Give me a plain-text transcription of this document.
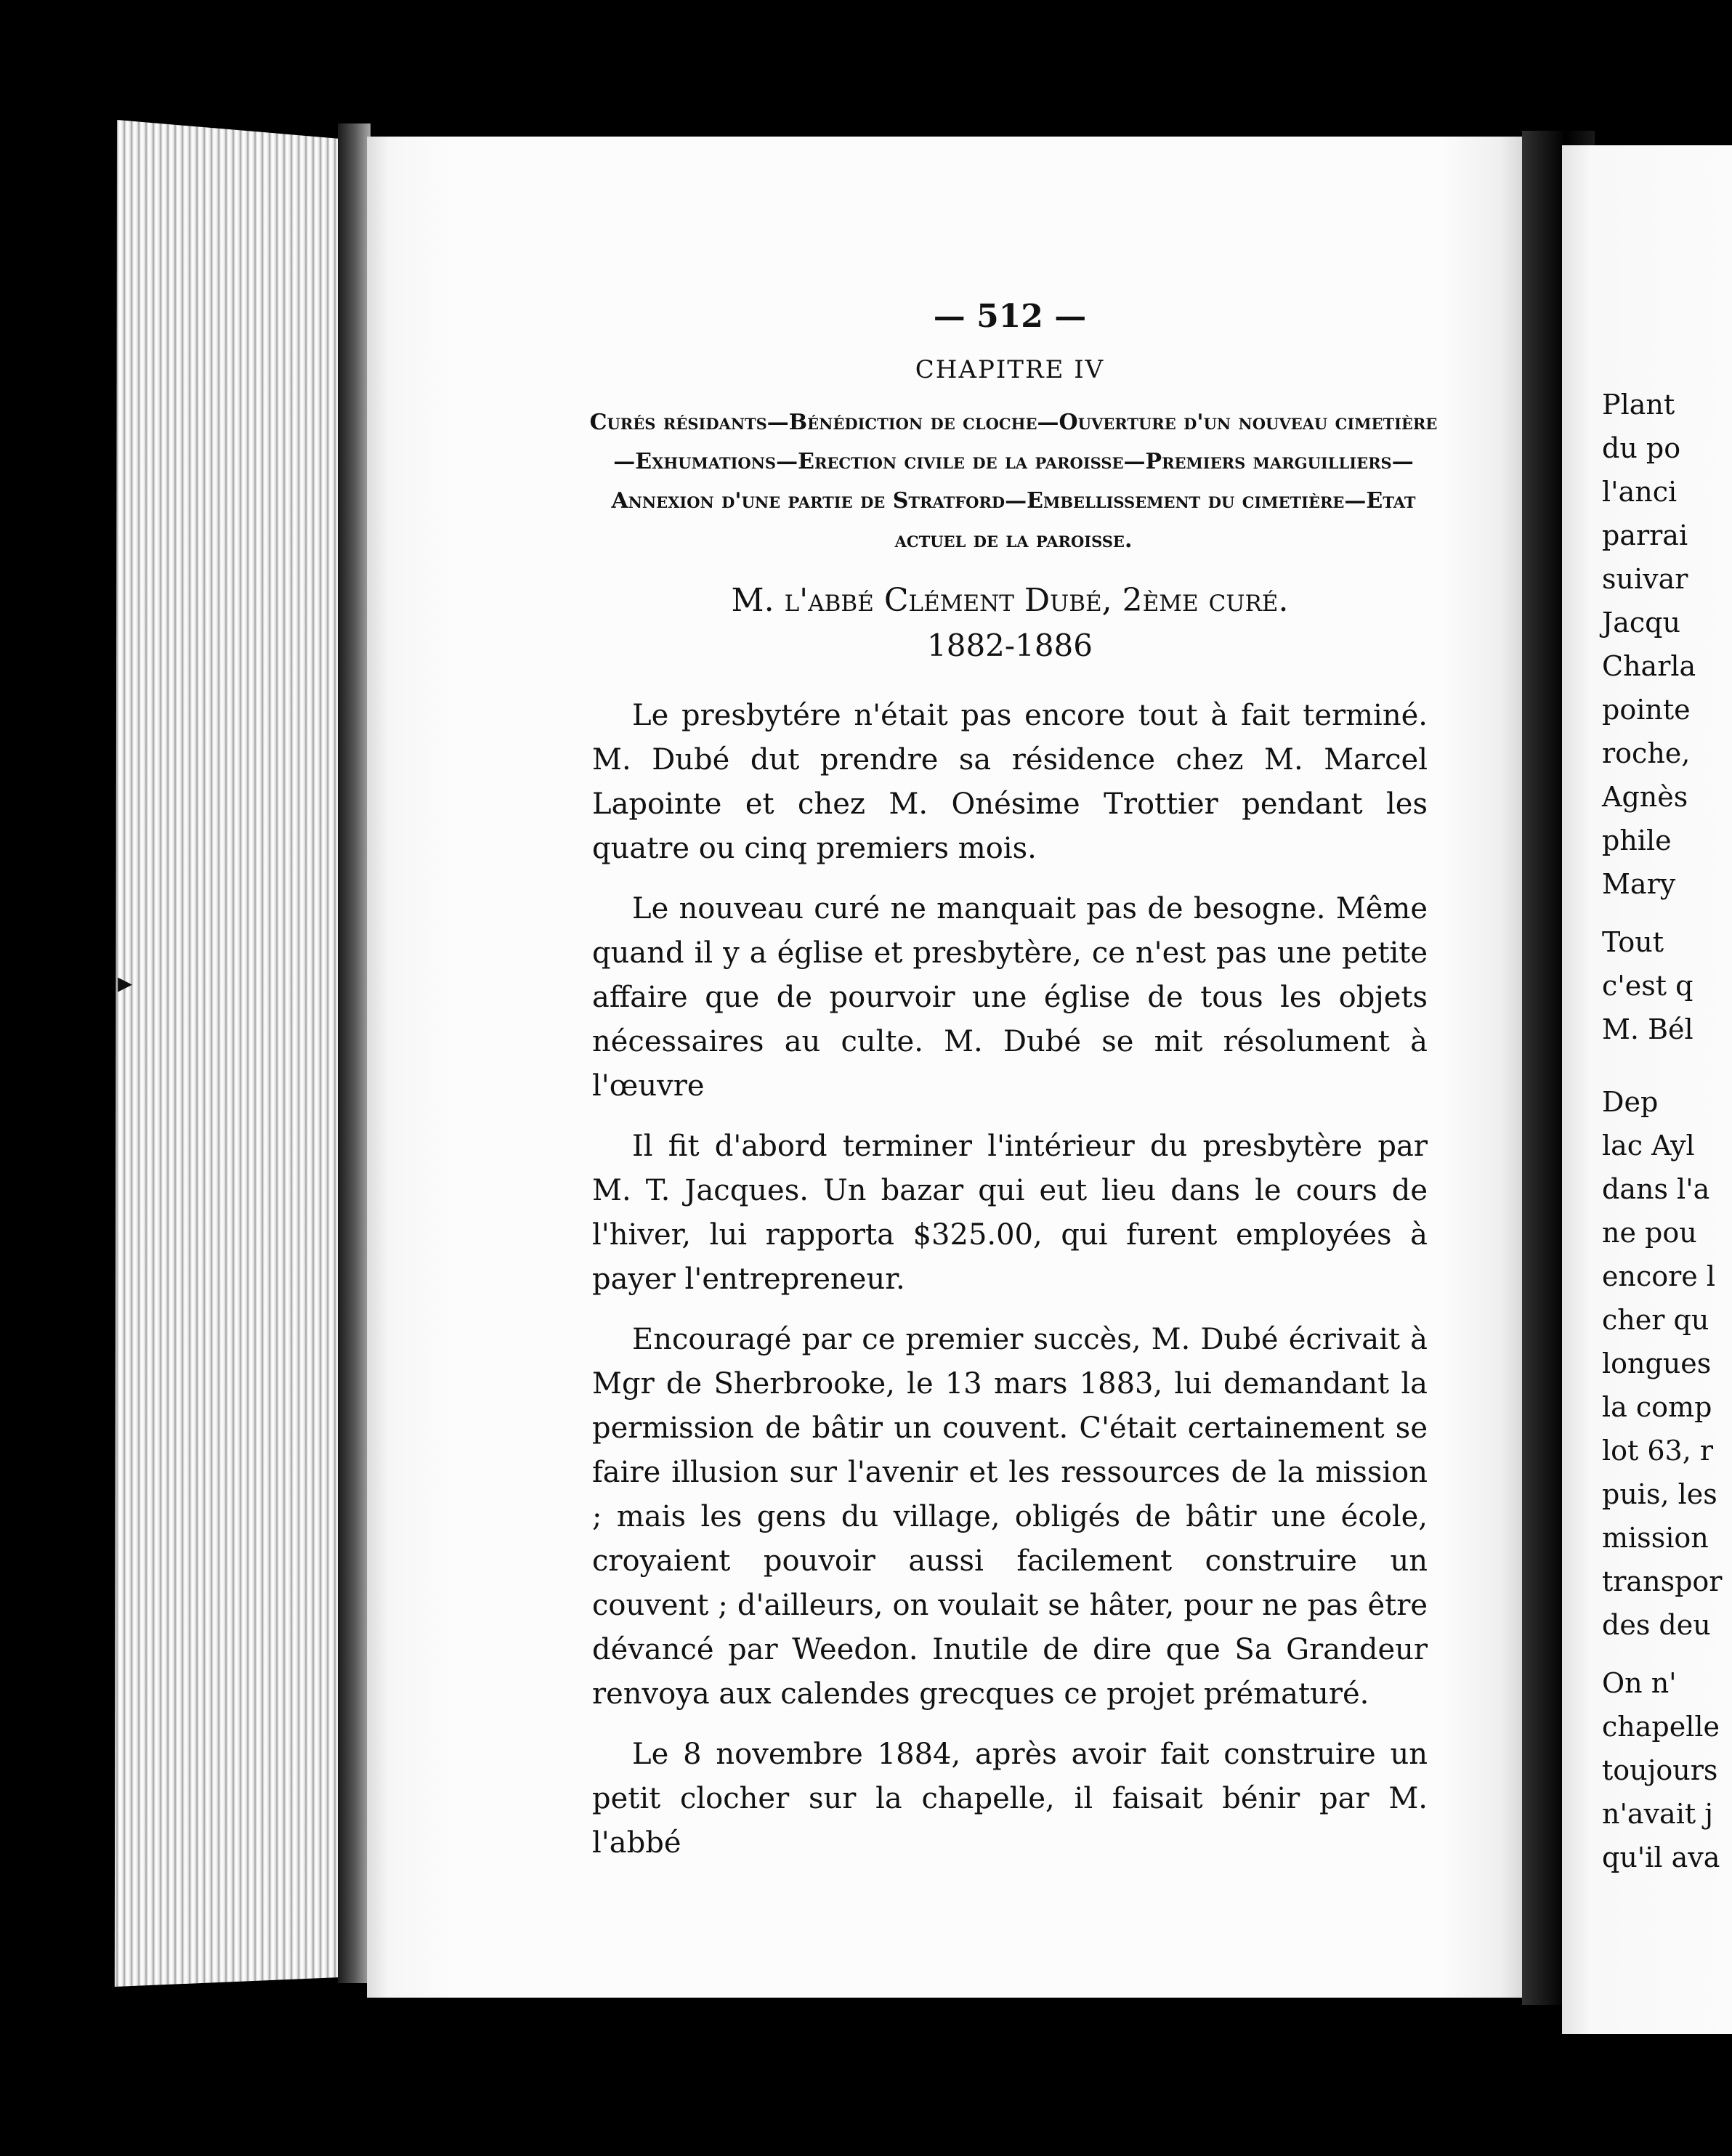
Plant
du po
l'anci
parrai
suivar
Jacqu
Charla
pointe
roche,
Agnès
phile
Mary
Tout
c'est q
M. Bél
Dep
lac Ayl
dans l'a
ne pou
encore l
cher qu
longues
la comp
lot 63, r
puis, les
mission
transpor
des deu
On n'
chapelle
toujours
n'avait j
qu'il ava
▸
— 512 —
CHAPITRE IV
Curés résidants—Bénédiction de cloche—Ouverture d'un nouveau cimetière—Exhumations—Erection civile de la paroisse—Premiers marguilliers—Annexion d'une partie de Stratford—Embellissement du cimetière—Etat actuel de la paroisse.
M. l'abbé Clément Dubé, 2ème curé.
1882-1886

Le presbytére n'était pas encore tout à fait terminé. M. Dubé dut prendre sa résidence chez M. Marcel Lapointe et chez M. Onésime Trottier pendant les quatre ou cinq premiers mois.

Le nouveau curé ne manquait pas de besogne. Même quand il y a église et presbytère, ce n'est pas une petite affaire que de pourvoir une église de tous les objets nécessaires au culte. M. Dubé se mit résolument à l'œuvre

Il fit d'abord terminer l'intérieur du presbytère par M. T. Jacques. Un bazar qui eut lieu dans le cours de l'hiver, lui rapporta $325.00, qui furent employées à payer l'entrepreneur.

Encouragé par ce premier succès, M. Dubé écrivait à Mgr de Sherbrooke, le 13 mars 1883, lui demandant la permission de bâtir un couvent. C'était certainement se faire illusion sur l'avenir et les ressources de la mission ; mais les gens du village, obligés de bâtir une école, croyaient pouvoir aussi facilement construire un couvent ; d'ailleurs, on voulait se hâter, pour ne pas être dévancé par Weedon. Inutile de dire que Sa Grandeur renvoya aux calendes grecques ce projet prématuré.

Le 8 novembre 1884, après avoir fait construire un petit clocher sur la chapelle, il faisait bénir par M. l'abbé
